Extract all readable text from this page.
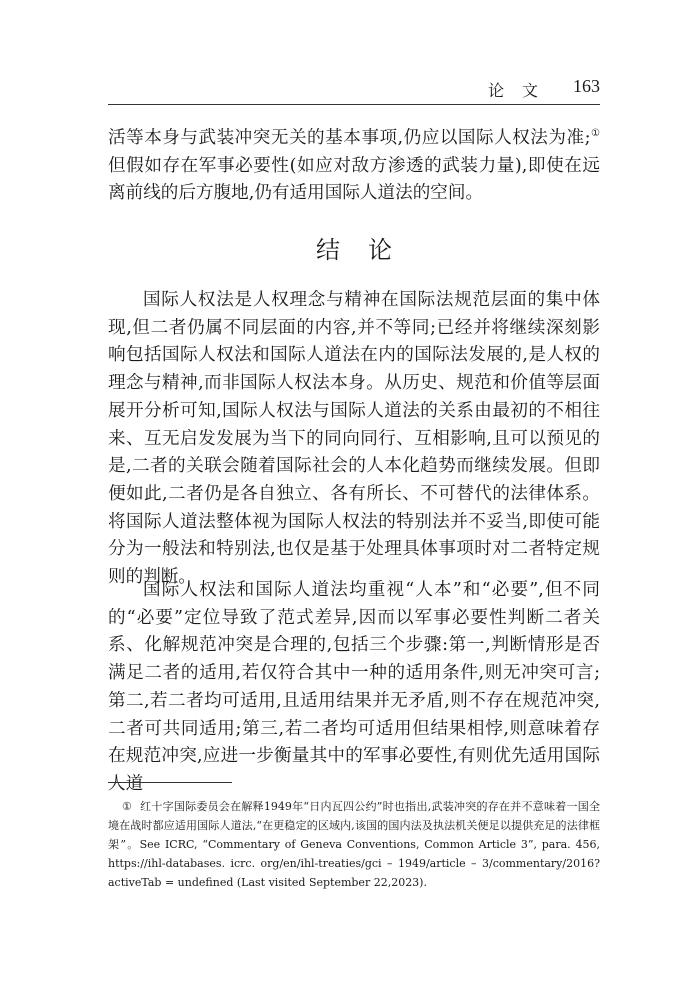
论文 163

活等本身与武装冲突无关的基本事项,仍应以国际人权法为准;①但假如存在军事必要性(如应对敌方渗透的武装力量),即使在远离前线的后方腹地,仍有适用国际人道法的空间。

结论

国际人权法是人权理念与精神在国际法规范层面的集中体现,但二者仍属不同层面的内容,并不等同;已经并将继续深刻影响包括国际人权法和国际人道法在内的国际法发展的,是人权的理念与精神,而非国际人权法本身。从历史、规范和价值等层面展开分析可知,国际人权法与国际人道法的关系由最初的不相往来、互无启发发展为当下的同向同行、互相影响,且可以预见的是,二者的关联会随着国际社会的人本化趋势而继续发展。但即便如此,二者仍是各自独立、各有所长、不可替代的法律体系。将国际人道法整体视为国际人权法的特别法并不妥当,即使可能分为一般法和特别法,也仅是基于处理具体事项时对二者特定规则的判断。

国际人权法和国际人道法均重视“人本”和“必要”,但不同的“必要”定位导致了范式差异,因而以军事必要性判断二者关系、化解规范冲突是合理的,包括三个步骤:第一,判断情形是否满足二者的适用,若仅符合其中一种的适用条件,则无冲突可言;第二,若二者均可适用,且适用结果并无矛盾,则不存在规范冲突,二者可共同适用;第三,若二者均可适用但结果相悖,则意味着存在规范冲突,应进一步衡量其中的军事必要性,有则优先适用国际人道

① 红十字国际委员会在解释1949年“日内瓦四公约”时也指出,武装冲突的存在并不意味着一国全境在战时都应适用国际人道法,“在更稳定的区域内,该国的国内法及执法机关便足以提供充足的法律框架”。See ICRC, “Commentary of Geneva Conventions, Common Article 3”, para. 456, https://ihl-databases. icrc. org/en/ihl-treaties/gci – 1949/article – 3/commentary/2016? activeTab = undefined (Last visited September 22,2023).
